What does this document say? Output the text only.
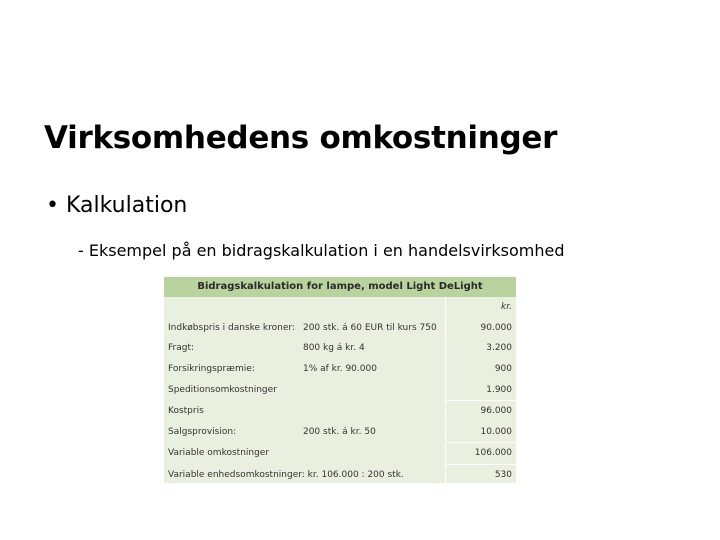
Virksomhedens omkostninger
• Kalkulation
- Eksempel på en bidragskalkulation i en handelsvirksomhed
Bidragskalkulation for lampe, model Light DeLight
		kr.
Indkøbspris i danske kroner:	200 stk. á 60 EUR til kurs 750	90.000
Fragt:	800 kg á kr. 4	3.200
Forsikringspræmie:	1% af kr. 90.000	900
Speditionsomkostninger		1.900
Kostpris		96.000
Salgsprovision:	200 stk. á kr. 50	10.000
Variable omkostninger		106.000
Variable enhedsomkostninger: kr. 106.000 : 200 stk.		530
